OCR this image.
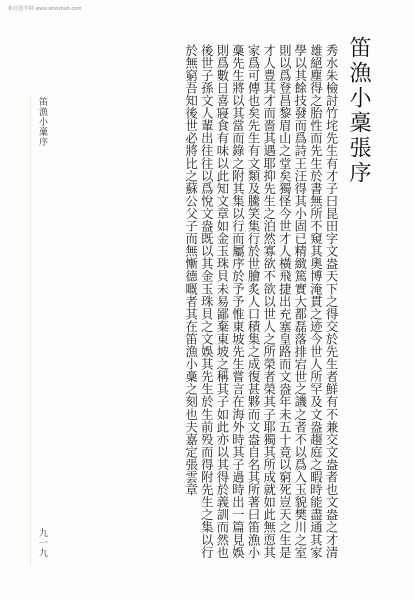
和訂国学网 www.sinoshuh.com
笛漁小稾張序
秀水朱檢討竹垞先生有才子曰昆田字文盎天下之得交於先生者鮮有不兼交文盎者也文盎之才清雄絕塵得之胎性而先生於書無所不窺其奧博淹貫之迹今世人所罕及文盎趨庭之暇時能盡通其家學以其餘技發而爲詩王汪得其小固已精緻篤實大都磊落排宕世之譏之者不以爲入玉貌樊川之室則以爲登昌黎眉山之堂矣獨怪今世才人橫飛捷出充塞皇路而文盎年未五十竟以窮死豈天之生是才人豊其才而嗇其遇耶抑先生之泊然寡欲不欲以世人之所榮者榮其子耶獨其所成就如此無恧其家爲可傳也矣先生有文類及騰笑集行於世膾炙人口積集之成復甚夥而文盎自名其所著曰笛漁小稾先生將以其當而錄之附其集以行而屬序於予予惟東坡先生嘗言在海外時其子過時出一篇見娛則爲數日喜寢食有味以此知文章如金玉珠貝未易鄙棄東坡之稱其子如此亦以其得於義訓而然也後世子孫文人輩出往往以爲悅文盎既以其金玉珠貝之文娛其先生於生前殁而得附先生之集以行於無窮吾知後世必將比之蘇公父子而無慚德嘅者其在笛漁小稾之刻也夫嘉定張雲章
笛漁小稾序
九一九
